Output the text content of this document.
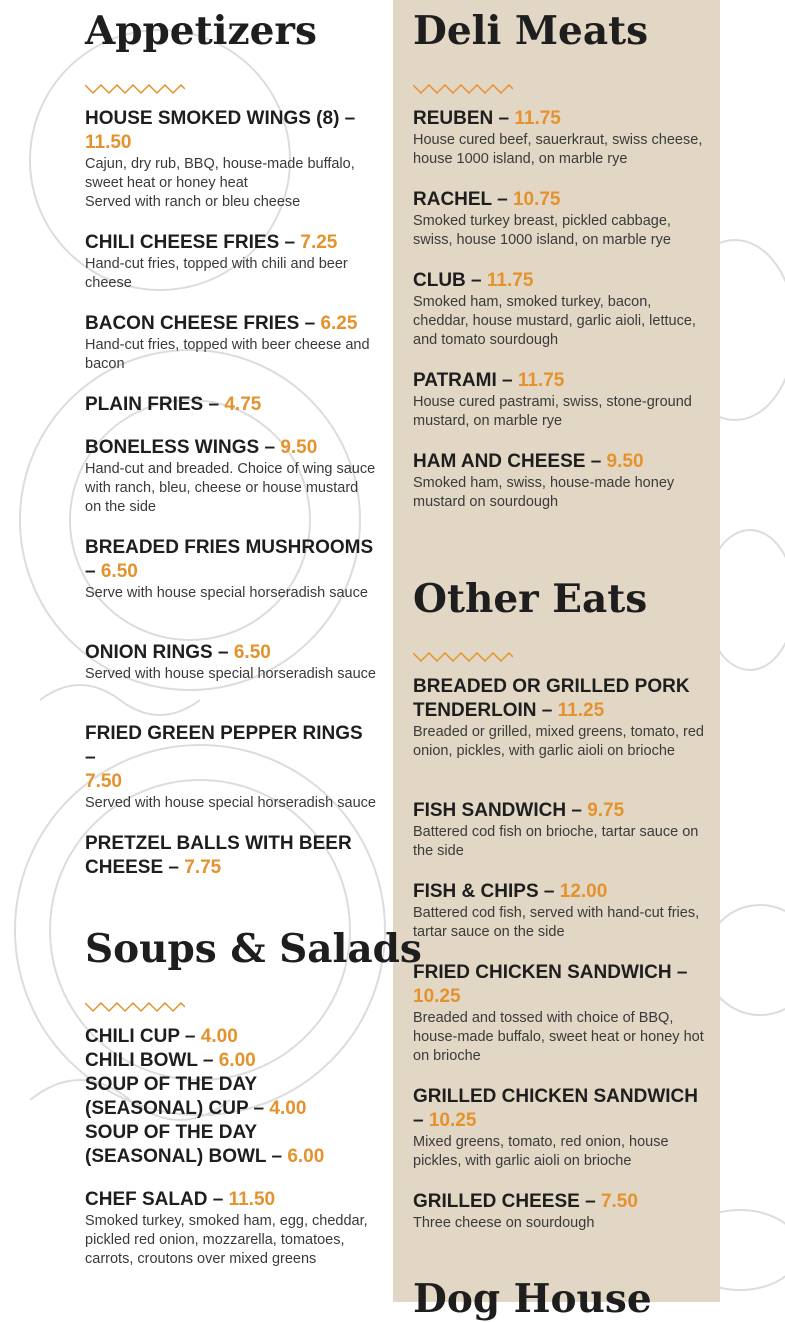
Appetizers

HOUSE SMOKED WINGS (8) –
11.50

Cajun, dry rub, BBQ, house-made buffalo, sweet heat or honey heat

Served with ranch or bleu cheese

CHILI CHEESE FRIES – 7.25

Hand-cut fries, topped with chili and beer cheese

BACON CHEESE FRIES – 6.25

Hand-cut fries, topped with beer cheese and bacon

PLAIN FRIES – 4.75

BONELESS WINGS – 9.50

Hand-cut and breaded. Choice of wing sauce with ranch, bleu, cheese or house mustard on the side

BREADED FRIES MUSHROOMS – 6.50

Serve with house special horseradish sauce

ONION RINGS – 6.50

Served with house special horseradish sauce

FRIED GREEN PEPPER RINGS –
7.50

Served with house special horseradish sauce

PRETZEL BALLS WITH BEER CHEESE – 7.75

Soups & Salads

CHILI CUP – 4.00

CHILI BOWL – 6.00

SOUP OF THE DAY (SEASONAL) CUP – 4.00

SOUP OF THE DAY (SEASONAL) BOWL – 6.00

CHEF SALAD – 11.50

Smoked turkey, smoked ham, egg, cheddar, pickled red onion, mozzarella, tomatoes, carrots, croutons over mixed greens

Deli Meats

REUBEN – 11.75

House cured beef, sauerkraut, swiss cheese, house 1000 island, on marble rye

RACHEL – 10.75

Smoked turkey breast, pickled cabbage, swiss, house 1000 island, on marble rye

CLUB – 11.75

Smoked ham, smoked turkey, bacon, cheddar, house mustard, garlic aioli, lettuce, and tomato sourdough

PATRAMI – 11.75

House cured pastrami, swiss, stone-ground mustard, on marble rye

HAM AND CHEESE – 9.50

Smoked ham, swiss, house-made honey mustard on sourdough

Other Eats

BREADED OR GRILLED PORK TENDERLOIN – 11.25

Breaded or grilled, mixed greens, tomato, red onion, pickles, with garlic aioli on brioche

FISH SANDWICH – 9.75

Battered cod fish on brioche, tartar sauce on the side

FISH & CHIPS – 12.00

Battered cod fish, served with hand-cut fries, tartar sauce on the side

FRIED CHICKEN SANDWICH –
10.25

Breaded and tossed with choice of BBQ, house-made buffalo, sweet heat or honey hot on brioche

GRILLED CHICKEN SANDWICH – 10.25

Mixed greens, tomato, red onion, house pickles, with garlic aioli on brioche

GRILLED CHEESE – 7.50

Three cheese on sourdough

Dog House
